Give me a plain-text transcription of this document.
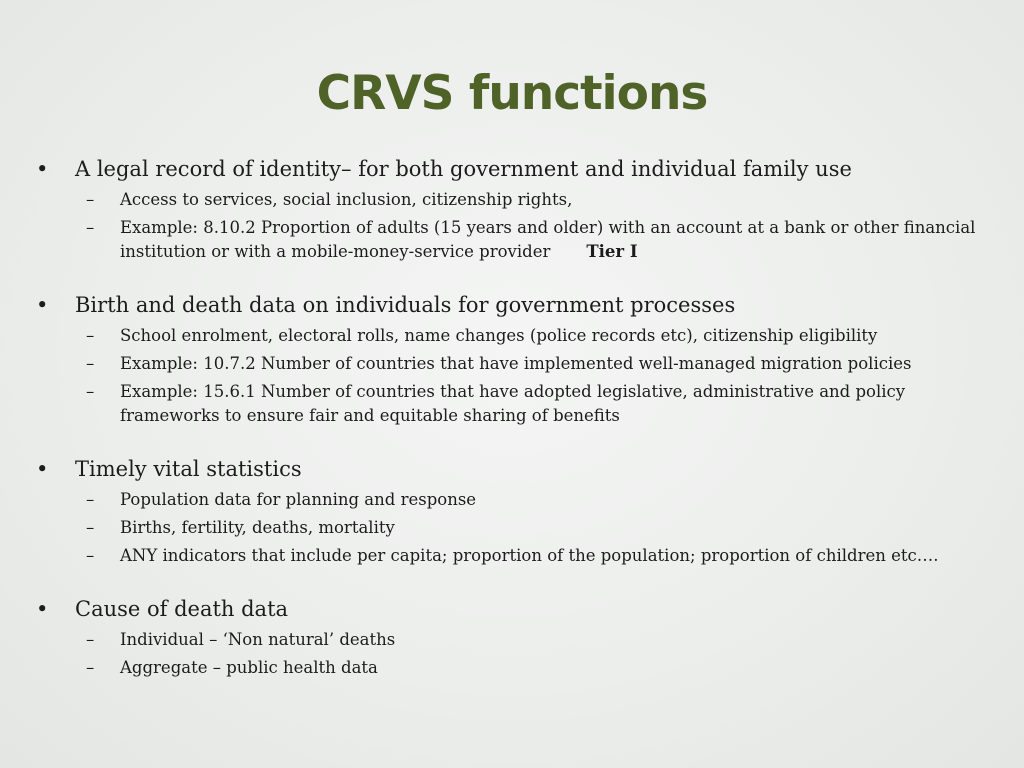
CRVS functions
• A legal record of identity– for both government and individual family use
– Access to services, social inclusion, citizenship rights,
– Example: 8.10.2 Proportion of adults (15 years and older) with an account at a bank or other financial institution or with a mobile-money-service provider Tier I
• Birth and death data on individuals for government processes
– School enrolment, electoral rolls, name changes (police records etc), citizenship eligibility
– Example: 10.7.2 Number of countries that have implemented well-managed migration policies
– Example: 15.6.1 Number of countries that have adopted legislative, administrative and policy frameworks to ensure fair and equitable sharing of benefits
• Timely vital statistics
– Population data for planning and response
– Births, fertility, deaths, mortality
– ANY indicators that include per capita; proportion of the population; proportion of children etc….
• Cause of death data
– Individual – ‘Non natural’ deaths
– Aggregate – public health data
